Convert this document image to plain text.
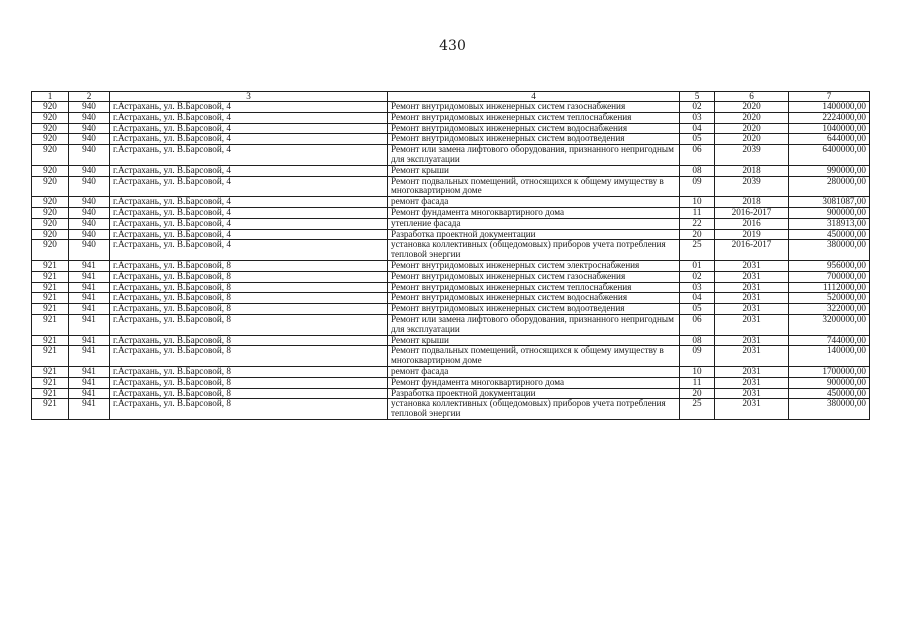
430
1	2	3	4	5	6	7
920	940	г.Астрахань, ул. В.Барсовой, 4	Ремонт внутридомовых инженерных систем газоснабжения	02	2020	1400000,00
920	940	г.Астрахань, ул. В.Барсовой, 4	Ремонт внутридомовых инженерных систем теплоснабжения	03	2020	2224000,00
920	940	г.Астрахань, ул. В.Барсовой, 4	Ремонт внутридомовых инженерных систем водоснабжения	04	2020	1040000,00
920	940	г.Астрахань, ул. В.Барсовой, 4	Ремонт внутридомовых инженерных систем водоотведения	05	2020	644000,00
920	940	г.Астрахань, ул. В.Барсовой, 4	Ремонт или замена лифтового оборудования, признанного непригодным для эксплуатации	06	2039	6400000,00
920	940	г.Астрахань, ул. В.Барсовой, 4	Ремонт крыши	08	2018	990000,00
920	940	г.Астрахань, ул. В.Барсовой, 4	Ремонт подвальных помещений, относящихся к общему имуществу в многоквартирном доме	09	2039	280000,00
920	940	г.Астрахань, ул. В.Барсовой, 4	ремонт фасада	10	2018	3081087,00
920	940	г.Астрахань, ул. В.Барсовой, 4	Ремонт фундамента многоквартирного дома	11	2016-2017	900000,00
920	940	г.Астрахань, ул. В.Барсовой, 4	утепление фасада	22	2016	318913,00
920	940	г.Астрахань, ул. В.Барсовой, 4	Разработка проектной документации	20	2019	450000,00
920	940	г.Астрахань, ул. В.Барсовой, 4	установка коллективных (общедомовых) приборов учета потребления тепловой энергии	25	2016-2017	380000,00
921	941	г.Астрахань, ул. В.Барсовой, 8	Ремонт внутридомовых инженерных систем электроснабжения	01	2031	956000,00
921	941	г.Астрахань, ул. В.Барсовой, 8	Ремонт внутридомовых инженерных систем газоснабжения	02	2031	700000,00
921	941	г.Астрахань, ул. В.Барсовой, 8	Ремонт внутридомовых инженерных систем теплоснабжения	03	2031	1112000,00
921	941	г.Астрахань, ул. В.Барсовой, 8	Ремонт внутридомовых инженерных систем водоснабжения	04	2031	520000,00
921	941	г.Астрахань, ул. В.Барсовой, 8	Ремонт внутридомовых инженерных систем водоотведения	05	2031	322000,00
921	941	г.Астрахань, ул. В.Барсовой, 8	Ремонт или замена лифтового оборудования, признанного непригодным для эксплуатации	06	2031	3200000,00
921	941	г.Астрахань, ул. В.Барсовой, 8	Ремонт крыши	08	2031	744000,00
921	941	г.Астрахань, ул. В.Барсовой, 8	Ремонт подвальных помещений, относящихся к общему имуществу в многоквартирном доме	09	2031	140000,00
921	941	г.Астрахань, ул. В.Барсовой, 8	ремонт фасада	10	2031	1700000,00
921	941	г.Астрахань, ул. В.Барсовой, 8	Ремонт фундамента многоквартирного дома	11	2031	900000,00
921	941	г.Астрахань, ул. В.Барсовой, 8	Разработка проектной документации	20	2031	450000,00
921	941	г.Астрахань, ул. В.Барсовой, 8	установка коллективных (общедомовых) приборов учета потребления тепловой энергии	25	2031	380000,00
